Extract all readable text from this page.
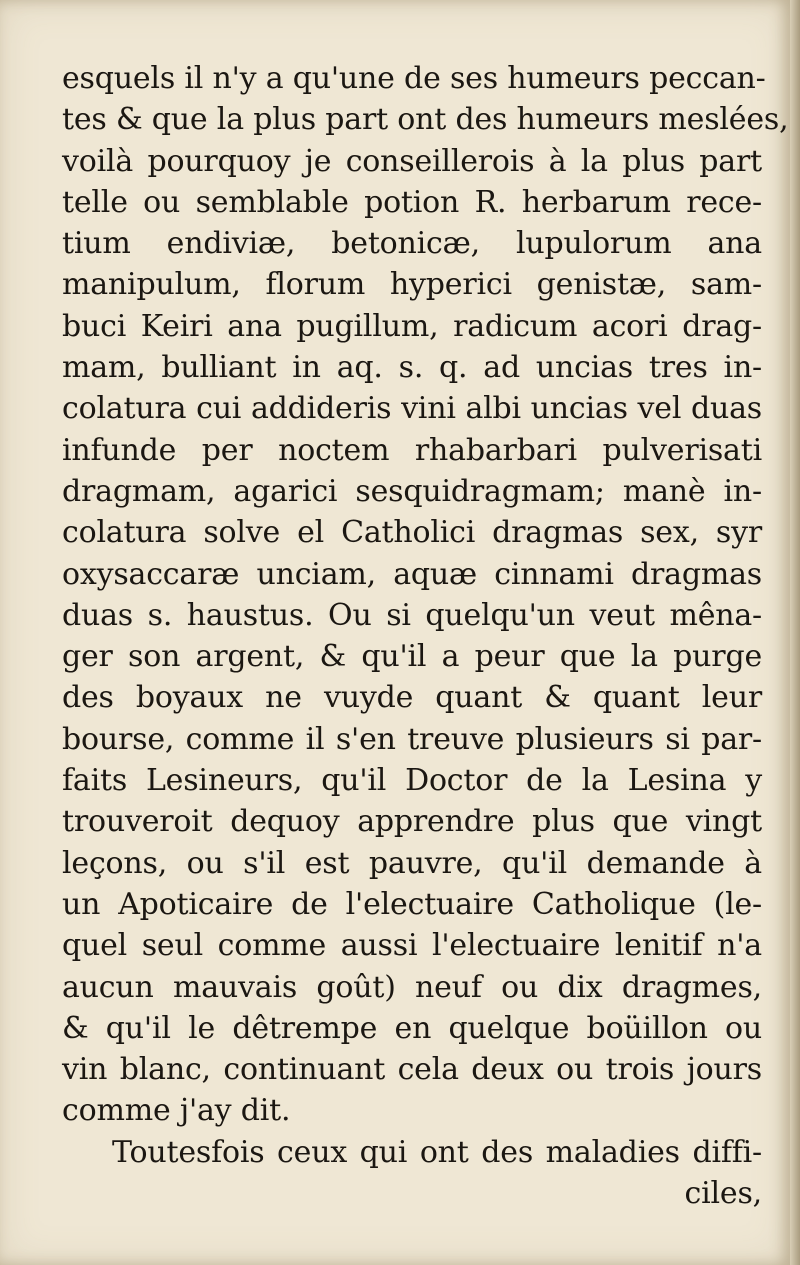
esquels il n'y a qu'une de ses humeurs peccan-
tes & que la plus part ont des humeurs meslées,
voilà pourquoy je conseillerois à la plus part
telle ou semblable potion R. herbarum rece-
tium endiviæ, betonicæ, lupulorum ana
manipulum, florum hyperici genistæ, sam-
buci Keiri ana pugillum, radicum acori drag-
mam, bulliant in aq. s. q. ad uncias tres in-
colatura cui addideris vini albi uncias vel duas
infunde per noctem rhabarbari pulverisati
dragmam, agarici sesquidragmam; manè in-
colatura solve el Catholici dragmas sex, syr
oxysaccaræ unciam, aquæ cinnami dragmas
duas s. haustus. Ou si quelqu'un veut mêna-
ger son argent, & qu'il a peur que la purge
des boyaux ne vuyde quant & quant leur
bourse, comme il s'en treuve plusieurs si par-
faits Lesineurs, qu'il Doctor de la Lesina y
trouveroit dequoy apprendre plus que vingt
leçons, ou s'il est pauvre, qu'il demande à
un Apoticaire de l'electuaire Catholique (le-
quel seul comme aussi l'electuaire lenitif n'a
aucun mauvais goût) neuf ou dix dragmes,
& qu'il le dêtrempe en quelque boüillon ou
vin blanc, continuant cela deux ou trois jours
comme j'ay dit.
Toutesfois ceux qui ont des maladies diffi-
ciles,
